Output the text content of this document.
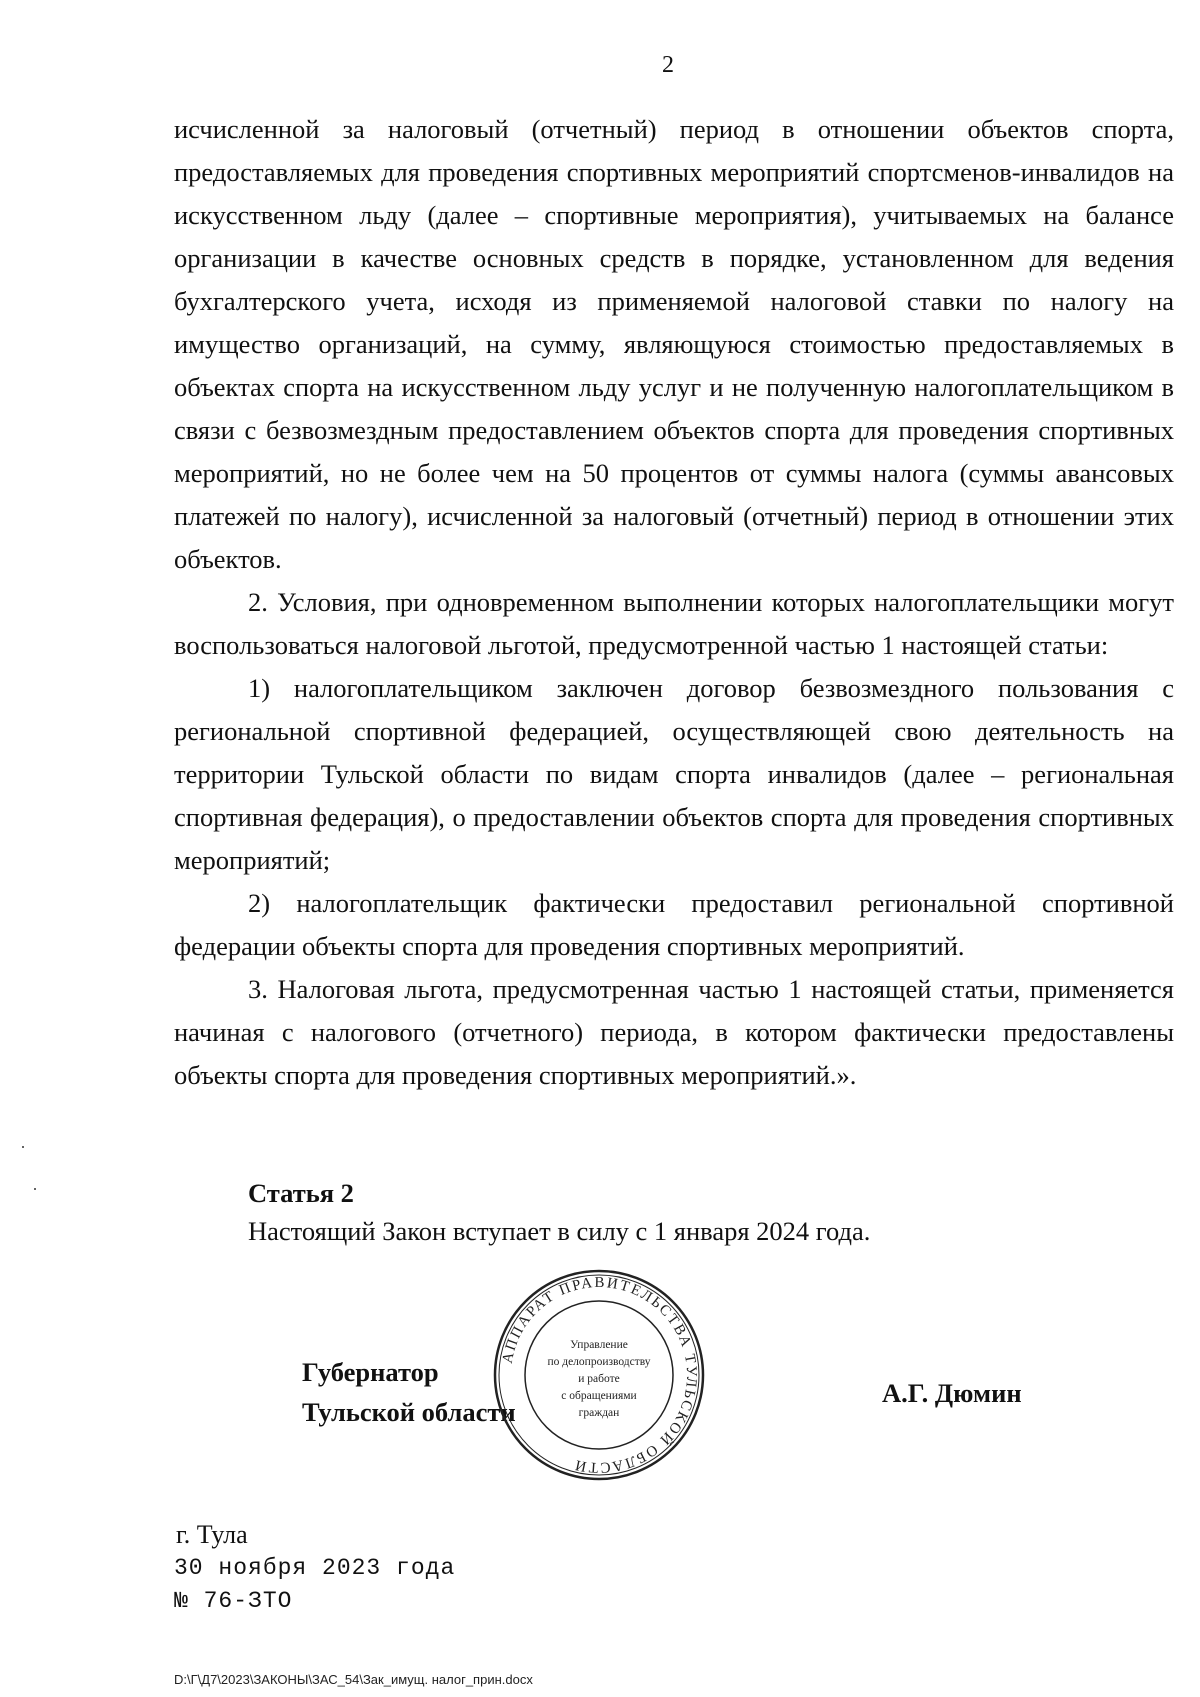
2

исчисленной за налоговый (отчетный) период в отношении объектов спорта, предоставляемых для проведения спортивных мероприятий спортсменов-инвалидов на искусственном льду (далее – спортивные мероприятия), учитываемых на балансе организации в качестве основных средств в порядке, установленном для ведения бухгалтерского учета, исходя из применяемой налоговой ставки по налогу на имущество организаций, на сумму, являющуюся стоимостью предоставляемых в объектах спорта на искусственном льду услуг и не полученную налогоплательщиком в связи с безвозмездным предоставлением объектов спорта для проведения спортивных мероприятий, но не более чем на 50 процентов от суммы налога (суммы авансовых платежей по налогу), исчисленной за налоговый (отчетный) период в отношении этих объектов.

2. Условия, при одновременном выполнении которых налогоплательщики могут воспользоваться налоговой льготой, предусмотренной частью 1 настоящей статьи:

1) налогоплательщиком заключен договор безвозмездного пользования с региональной спортивной федерацией, осуществляющей свою деятельность на территории Тульской области по видам спорта инвалидов (далее – региональная спортивная федерация), о предоставлении объектов спорта для проведения спортивных мероприятий;

2) налогоплательщик фактически предоставил региональной спортивной федерации объекты спорта для проведения спортивных мероприятий.

3. Налоговая льгота, предусмотренная частью 1 настоящей статьи, применяется начиная с налогового (отчетного) периода, в котором фактически предоставлены объекты спорта для проведения спортивных мероприятий.».

Статья 2
Настоящий Закон вступает в силу с 1 января 2024 года.
Губернатор
Тульской области
АППАРАТ ПРАВИТЕЛЬСТВА ТУЛЬСКОЙ ОБЛАСТИ
Управление
по делопроизводству
и работе
с обращениями
граждан
А.Г. Дюмин
г. Тула
30 ноября 2023 года
№ 76-ЗТО
D:\Г\Д7\2023\ЗАКОНЫ\ЗАС_54\Зак_имущ. налог_прин.docx
